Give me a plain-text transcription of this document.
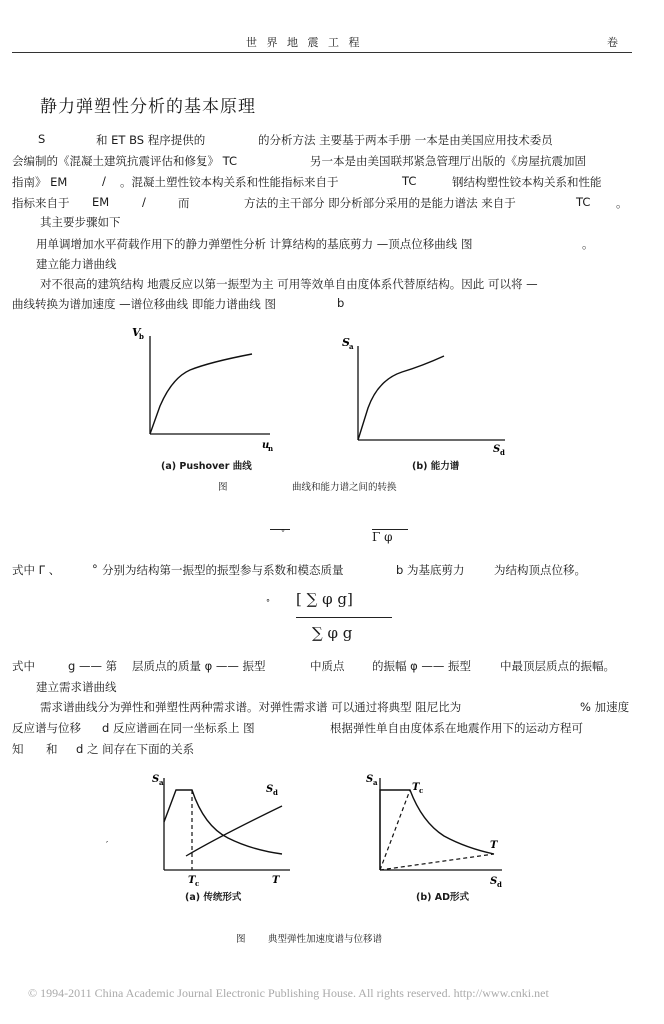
世 界 地 震 工 程	卷
静力弹塑性分析的基本原理
S	和 ET BS 程序提供的	的分析方法 主要基于两本手册 一本是由美国应用技术委员
会编制的《混凝土建筑抗震评估和修复》 TC	另一本是由美国联邦紧急管理厅出版的《房屋抗震加固
指南》 EM	/ 。混凝土塑性铰本构关系和性能指标来自于	TC	钢结构塑性铰本构关系和性能
指标来自于 EM	/	而	方法的主干部分 即分析部分采用的是能力谱法 来自于	TC 。
其主要步骤如下
用单调增加水平荷载作用下的静力弹塑性分析 计算结构的基底剪力 —顶点位移曲线 图	。
建立能力谱曲线
对不很高的建筑结构 地震反应以第一振型为主 可用等效单自由度体系代替原结构。因此 可以将 —
曲线转换为谱加速度 —谱位移曲线 即能力谱曲线 图	b
V
b
u
n
S a
S d
(a) Pushover 曲线	(b) 能力谱
图	曲线和能力谱之间的转换
°	Γ φ
式中 Γ 、	° 分别为结构第一振型的振型参与系数和模态质量	b 为基底剪力	为结构顶点位移。
° [ ∑ φ g]
∑ φ g
式中	g —— 第 层质点的质量 φ —— 振型	中质点 的振幅 φ —— 振型	中最顶层质点的振幅。
建立需求谱曲线
需求谱曲线分为弹性和弹塑性两种需求谱。对弹性需求谱 可以通过将典型 阻尼比为	% 加速度
反应谱与位移 d 反应谱画在同一坐标系上 图	根据弹性单自由度体系在地震作用下的运动方程可
知 和 d 之 间存在下面的关系
S a
S d
T c	T
S a	T c
T
S d
′
(a) 传统形式	(b) AD形式
图 典型弹性加速度谱与位移谱
© 1994-2011 China Academic Journal Electronic Publishing House. All rights reserved. http://www.cnki.net
